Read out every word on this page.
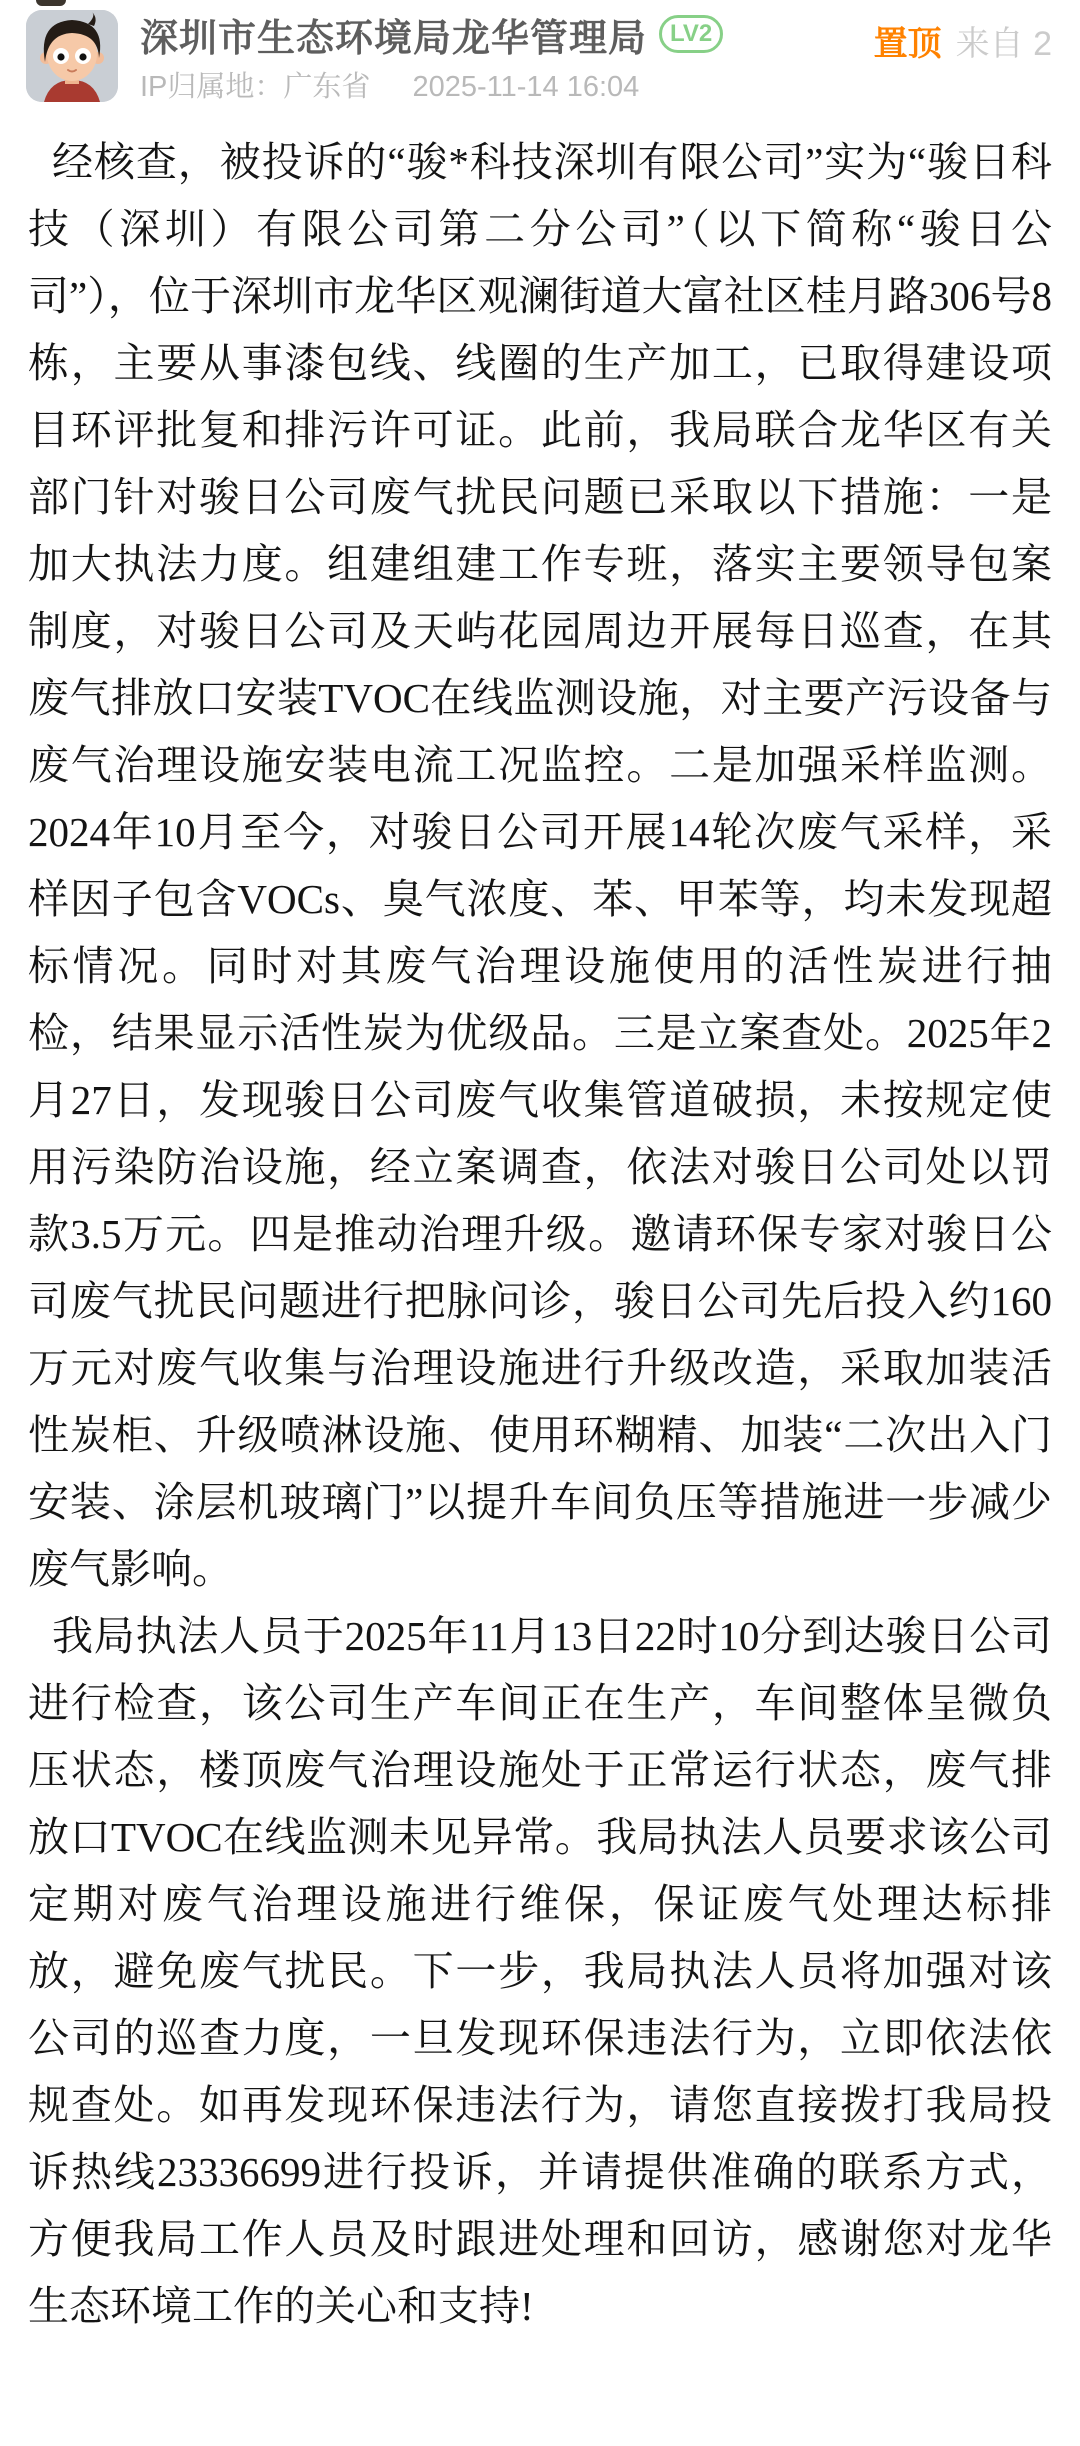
深圳市生态环境局龙华管理局 LV2
IP归属地：广东省 2025-11-14 16:04
置顶 来自 2

经核查，被投诉的“骏*科技深圳有限公司”实为“骏日科技（深圳）有限公司第二分公司”（以下简称“骏日公司”），位于深圳市龙华区观澜街道大富社区桂月路306号8栋，主要从事漆包线、线圈的生产加工，已取得建设项目环评批复和排污许可证。此前，我局联合龙华区有关部门针对骏日公司废气扰民问题已采取以下措施：一是加大执法力度。组建组建工作专班，落实主要领导包案制度，对骏日公司及天屿花园周边开展每日巡查，在其废气排放口安装TVOC在线监测设施，对主要产污设备与废气治理设施安装电流工况监控。二是加强采样监测。2024年10月至今，对骏日公司开展14轮次废气采样，采样因子包含VOCs、臭气浓度、苯、甲苯等，均未发现超标情况。同时对其废气治理设施使用的活性炭进行抽检，结果显示活性炭为优级品。三是立案查处。2025年2月27日，发现骏日公司废气收集管道破损，未按规定使用污染防治设施，经立案调查，依法对骏日公司处以罚款3.5万元。四是推动治理升级。邀请环保专家对骏日公司废气扰民问题进行把脉问诊，骏日公司先后投入约160万元对废气收集与治理设施进行升级改造，采取加装活性炭柜、升级喷淋设施、使用环糊精、加装“二次出入门安装、涂层机玻璃门”以提升车间负压等措施进一步减少废气影响。

我局执法人员于2025年11月13日22时10分到达骏日公司进行检查，该公司生产车间正在生产，车间整体呈微负压状态，楼顶废气治理设施处于正常运行状态，废气排放口TVOC在线监测未见异常。我局执法人员要求该公司定期对废气治理设施进行维保，保证废气处理达标排放，避免废气扰民。下一步，我局执法人员将加强对该公司的巡查力度，一旦发现环保违法行为，立即依法依规查处。如再发现环保违法行为，请您直接拨打我局投诉热线23336699进行投诉，并请提供准确的联系方式，方便我局工作人员及时跟进处理和回访，感谢您对龙华生态环境工作的关心和支持!
